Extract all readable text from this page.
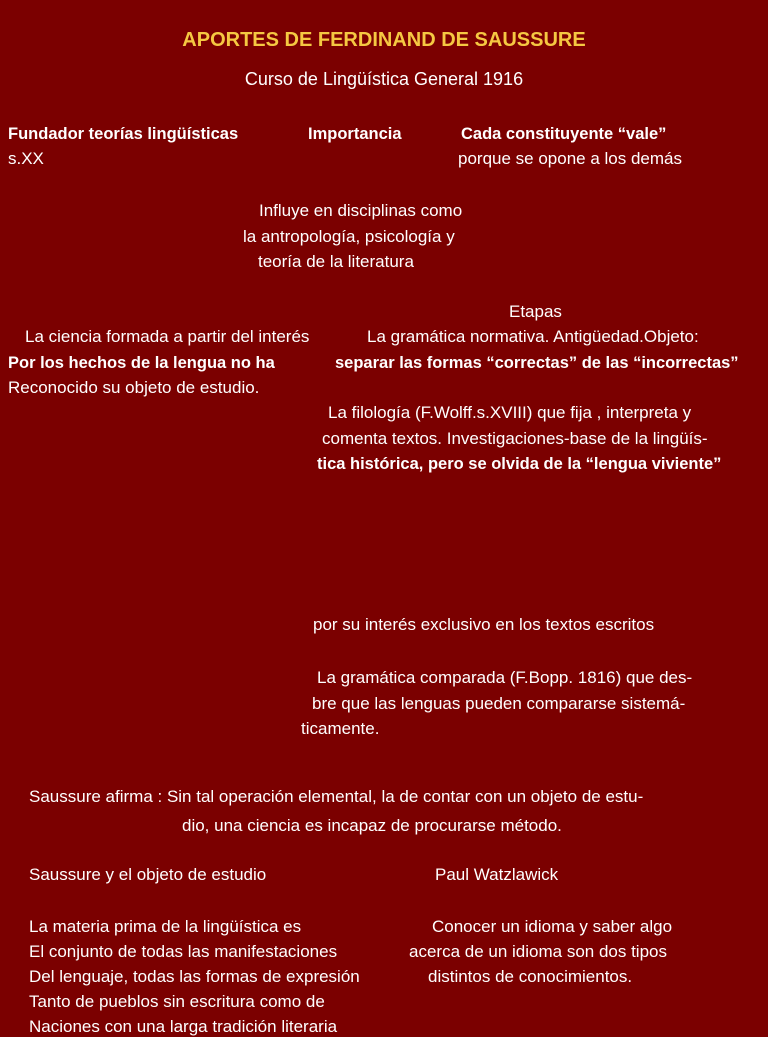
APORTES DE FERDINAND DE SAUSSURE
Curso de Lingüística General 1916
Fundador teorías lingüísticas
s.XX
Importancia	Cada constituyente “vale”
porque se opone a los demás
Influye en disciplinas como
la antropología, psicología y
teoría de la literatura
Etapas
La ciencia formada a partir del interés
Por los hechos de la lengua no ha
Reconocido su objeto de estudio.
La gramática normativa. Antigüedad.Objeto:
separar las formas “correctas” de las “incorrectas”
La filología (F.Wolff.s.XVIII) que fija , interpreta y
comenta textos. Investigaciones-base de la lingüís-
tica histórica, pero se olvida de la “lengua viviente”
por su interés exclusivo en los textos escritos
La gramática comparada (F.Bopp. 1816) que des-
bre que las lenguas pueden compararse sistemá-
ticamente.
Saussure afirma : Sin tal operación elemental, la de contar con un objeto de estu-
dio, una ciencia es incapaz de procurarse método.
Saussure y el objeto de estudio	Paul Watzlawick
La materia prima de la lingüística es
El conjunto de todas las manifestaciones
Del lenguaje, todas las formas de expresión
Tanto de pueblos sin escritura como de
Naciones con una larga tradición literaria
Conocer un idioma y saber algo
acerca de un idioma son dos tipos
distintos de conocimientos.
